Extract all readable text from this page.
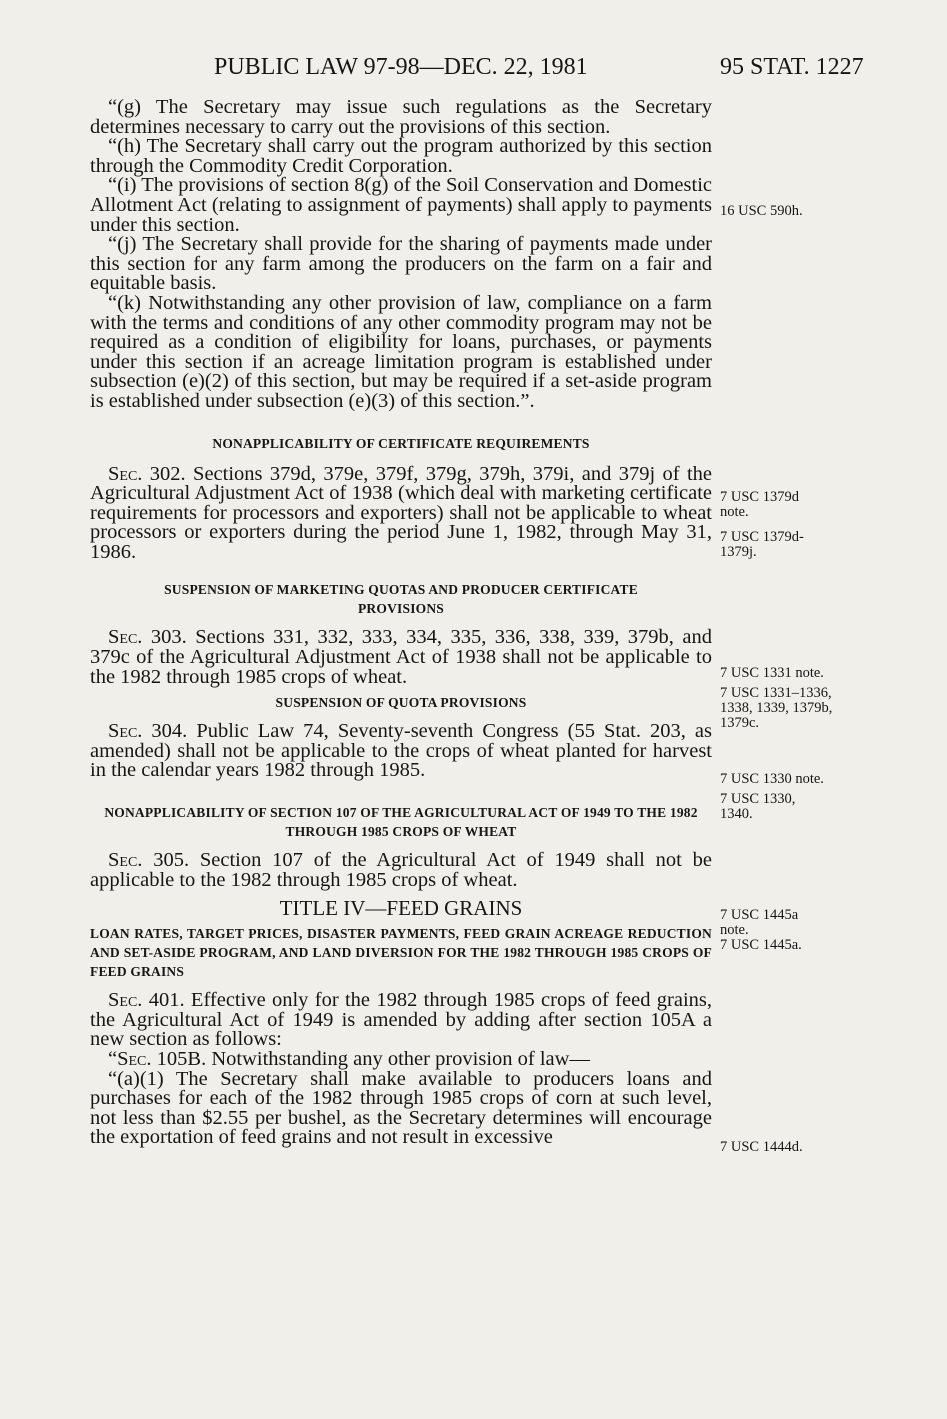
PUBLIC LAW 97-98—DEC. 22, 1981	95 STAT. 1227

“(g) The Secretary may issue such regulations as the Secretary determines necessary to carry out the provisions of this section.

“(h) The Secretary shall carry out the program authorized by this section through the Commodity Credit Corporation.

“(i) The provisions of section 8(g) of the Soil Conservation and Domestic Allotment Act (relating to assignment of payments) shall apply to payments under this section.

“(j) The Secretary shall provide for the sharing of payments made under this section for any farm among the producers on the farm on a fair and equitable basis.

“(k) Notwithstanding any other provision of law, compliance on a farm with the terms and conditions of any other commodity program may not be required as a condition of eligibility for loans, purchases, or payments under this section if an acreage limitation program is established under subsection (e)(2) of this section, but may be required if a set-aside program is established under subsection (e)(3) of this section.”.

NONAPPLICABILITY OF CERTIFICATE REQUIREMENTS

Sec. 302. Sections 379d, 379e, 379f, 379g, 379h, 379i, and 379j of the Agricultural Adjustment Act of 1938 (which deal with marketing certificate requirements for processors and exporters) shall not be applicable to wheat processors or exporters during the period June 1, 1982, through May 31, 1986.

SUSPENSION OF MARKETING QUOTAS AND PRODUCER CERTIFICATE PROVISIONS

Sec. 303. Sections 331, 332, 333, 334, 335, 336, 338, 339, 379b, and 379c of the Agricultural Adjustment Act of 1938 shall not be applicable to the 1982 through 1985 crops of wheat.

SUSPENSION OF QUOTA PROVISIONS

Sec. 304. Public Law 74, Seventy-seventh Congress (55 Stat. 203, as amended) shall not be applicable to the crops of wheat planted for harvest in the calendar years 1982 through 1985.

NONAPPLICABILITY OF SECTION 107 OF THE AGRICULTURAL ACT OF 1949 TO THE 1982 THROUGH 1985 CROPS OF WHEAT

Sec. 305. Section 107 of the Agricultural Act of 1949 shall not be applicable to the 1982 through 1985 crops of wheat.

TITLE IV—FEED GRAINS
LOAN RATES, TARGET PRICES, DISASTER PAYMENTS, FEED GRAIN ACREAGE REDUCTION AND SET-ASIDE PROGRAM, AND LAND DIVERSION FOR THE 1982 THROUGH 1985 CROPS OF FEED GRAINS

Sec. 401. Effective only for the 1982 through 1985 crops of feed grains, the Agricultural Act of 1949 is amended by adding after section 105A a new section as follows:

“Sec. 105B. Notwithstanding any other provision of law—

“(a)(1) The Secretary shall make available to producers loans and purchases for each of the 1982 through 1985 crops of corn at such level, not less than $2.55 per bushel, as the Secretary determines will encourage the exportation of feed grains and not result in excessive

16 USC 590h.
7 USC 1379d note.
7 USC 1379d-1379j.
7 USC 1331 note.
7 USC 1331–1336, 1338, 1339, 1379b, 1379c.
7 USC 1330 note.
7 USC 1330, 1340.
7 USC 1445a note.
7 USC 1445a.
7 USC 1444d.
